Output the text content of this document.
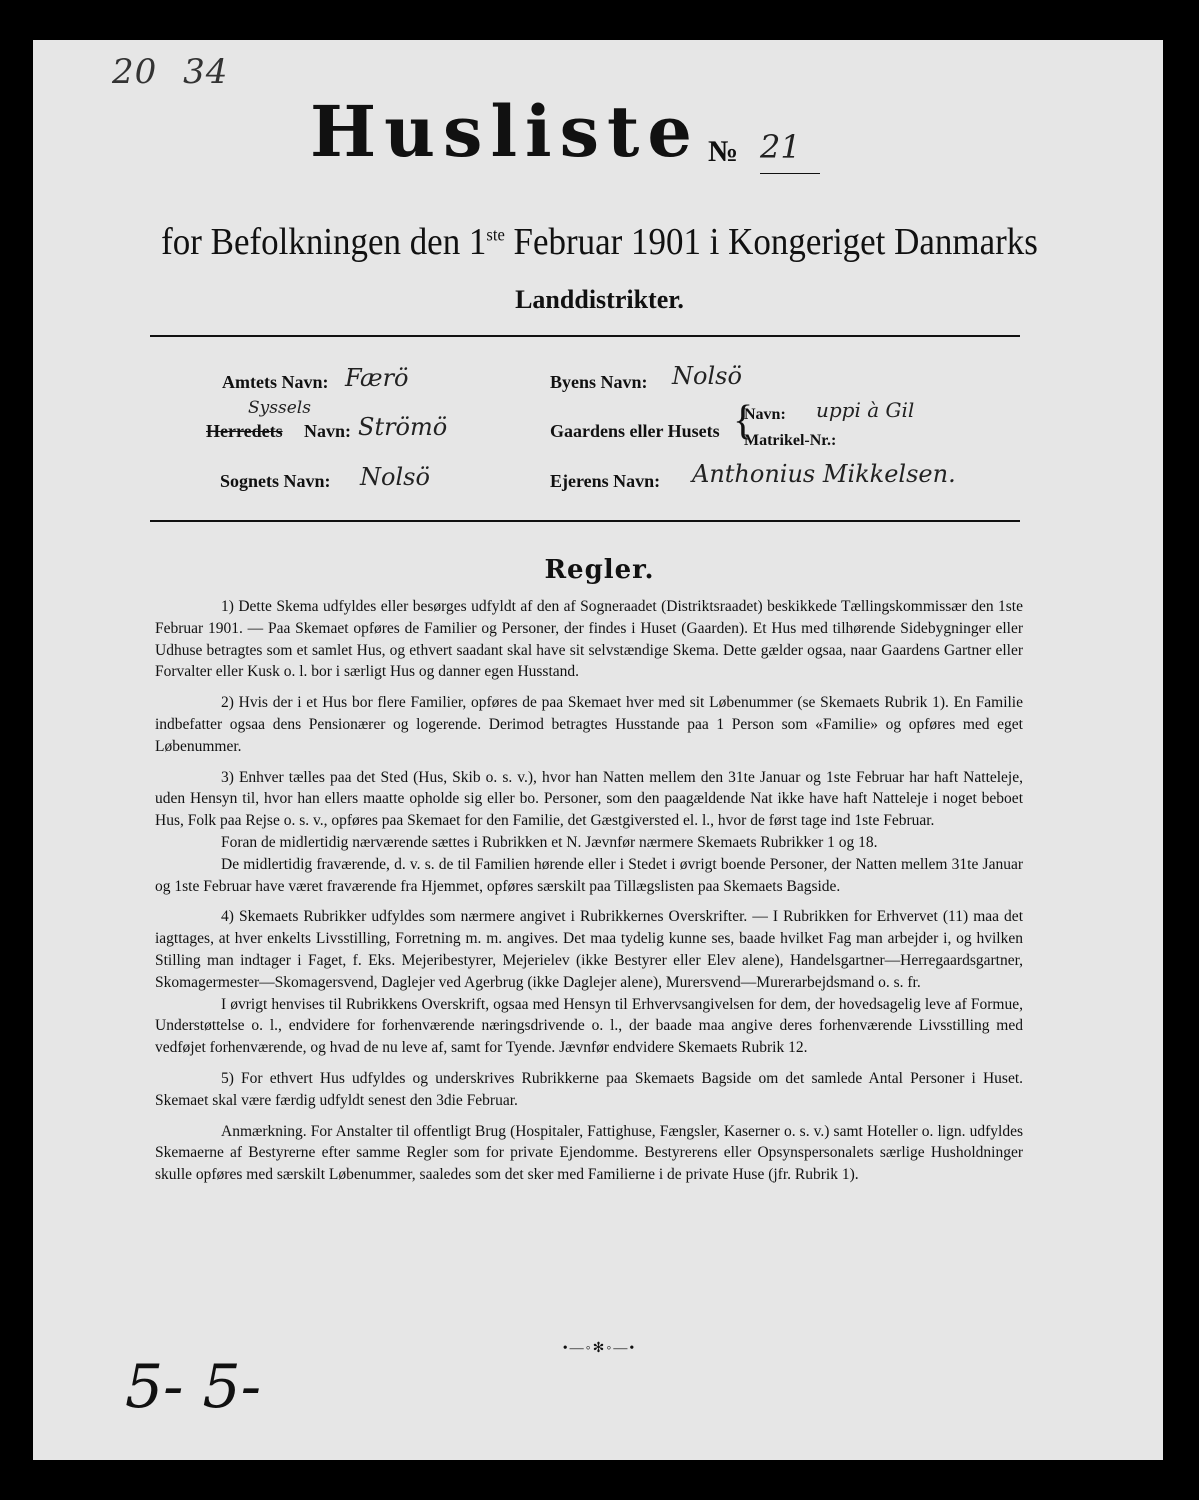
20 34
Husliste № 21
for Befolkningen den 1ste Februar 1901 i Kongeriget Danmarks
Landdistrikter.
Amtets Navn: Færö
Syssels
Herredets Navn: Strömö
Sognets Navn: Nolsö
Byens Navn: Nolsö
Gaardens eller Husets {
Navn: uppi à Gil
Matrikel-Nr.:
Ejerens Navn: Anthonius Mikkelsen.
Regler.

1) Dette Skema udfyldes eller besørges udfyldt af den af Sogneraadet (Distriktsraadet) beskikkede Tællingskommissær den 1ste Februar 1901. — Paa Skemaet opføres de Familier og Personer, der findes i Huset (Gaarden). Et Hus med tilhørende Sidebygninger eller Udhuse betragtes som et samlet Hus, og ethvert saadant skal have sit selvstændige Skema. Dette gælder ogsaa, naar Gaardens Gartner eller Forvalter eller Kusk o. l. bor i særligt Hus og danner egen Husstand.

2) Hvis der i et Hus bor flere Familier, opføres de paa Skemaet hver med sit Løbenummer (se Skemaets Rubrik 1). En Familie indbefatter ogsaa dens Pensionærer og logerende. Derimod betragtes Husstande paa 1 Person som «Familie» og opføres med eget Løbenummer.

3) Enhver tælles paa det Sted (Hus, Skib o. s. v.), hvor han Natten mellem den 31te Januar og 1ste Februar har haft Natteleje, uden Hensyn til, hvor han ellers maatte opholde sig eller bo. Personer, som den paagældende Nat ikke have haft Natteleje i noget beboet Hus, Folk paa Rejse o. s. v., opføres paa Skemaet for den Familie, det Gæstgiversted el. l., hvor de først tage ind 1ste Februar.

Foran de midlertidig nærværende sættes i Rubrikken et N. Jævnfør nærmere Skemaets Rubrikker 1 og 18.

De midlertidig fraværende, d. v. s. de til Familien hørende eller i Stedet i øvrigt boende Personer, der Natten mellem 31te Januar og 1ste Februar have været fraværende fra Hjemmet, opføres særskilt paa Tillægslisten paa Skemaets Bagside.

4) Skemaets Rubrikker udfyldes som nærmere angivet i Rubrikkernes Overskrifter. — I Rubrikken for Erhvervet (11) maa det iagttages, at hver enkelts Livsstilling, Forretning m. m. angives. Det maa tydelig kunne ses, baade hvilket Fag man arbejder i, og hvilken Stilling man indtager i Faget, f. Eks. Mejeribestyrer, Mejerielev (ikke Bestyrer eller Elev alene), Handelsgartner—Herregaardsgartner, Skomagermester—Skomagersvend, Daglejer ved Agerbrug (ikke Daglejer alene), Murersvend—Murerarbejdsmand o. s. fr.

I øvrigt henvises til Rubrikkens Overskrift, ogsaa med Hensyn til Erhvervsangivelsen for dem, der hovedsagelig leve af Formue, Understøttelse o. l., endvidere for forhenværende næringsdrivende o. l., der baade maa angive deres forhenværende Livsstilling med vedføjet forhenværende, og hvad de nu leve af, samt for Tyende. Jævnfør endvidere Skemaets Rubrik 12.

5) For ethvert Hus udfyldes og underskrives Rubrikkerne paa Skemaets Bagside om det samlede Antal Personer i Huset. Skemaet skal være færdig udfyldt senest den 3die Februar.

Anmærkning. For Anstalter til offentligt Brug (Hospitaler, Fattighuse, Fængsler, Kaserner o. s. v.) samt Hoteller o. lign. udfyldes Skemaerne af Bestyrerne efter samme Regler som for private Ejendomme. Bestyrerens eller Opsynspersonalets særlige Husholdninger skulle opføres med særskilt Løbenummer, saaledes som det sker med Familierne i de private Huse (jfr. Rubrik 1).

•—◦✻◦—•
5- 5-
